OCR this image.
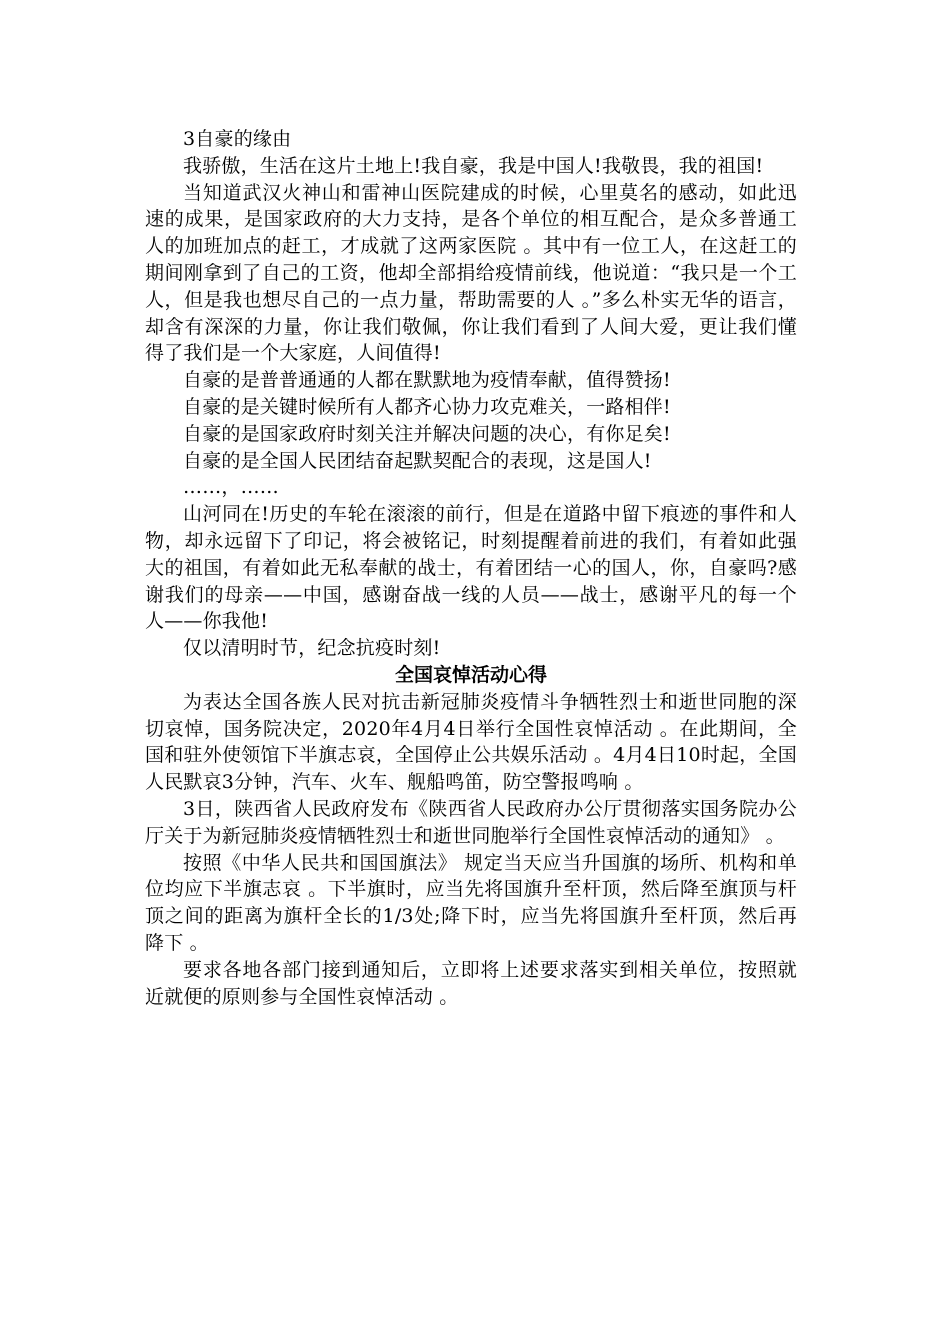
3自豪的缘由

我骄傲，生活在这片土地上!我自豪，我是中国人!我敬畏，我的祖国!

当知道武汉火神山和雷神山医院建成的时候，心里莫名的感动，如此迅速的成果，是国家政府的大力支持，是各个单位的相互配合，是众多普通工人的加班加点的赶工，才成就了这两家医院 。其中有一位工人，在这赶工的期间刚拿到了自己的工资，他却全部捐给疫情前线，他说道：“我只是一个工人，但是我也想尽自己的一点力量，帮助需要的人 。”多么朴实无华的语言，却含有深深的力量，你让我们敬佩，你让我们看到了人间大爱，更让我们懂得了我们是一个大家庭，人间值得!

自豪的是普普通通的人都在默默地为疫情奉献，值得赞扬!

自豪的是关键时候所有人都齐心协力攻克难关，一路相伴!

自豪的是国家政府时刻关注并解决问题的决心，有你足矣!

自豪的是全国人民团结奋起默契配合的表现，这是国人!

……，……

山河同在!历史的车轮在滚滚的前行，但是在道路中留下痕迹的事件和人物，却永远留下了印记，将会被铭记，时刻提醒着前进的我们，有着如此强大的祖国，有着如此无私奉献的战士，有着团结一心的国人，你，自豪吗?感谢我们的母亲——中国，感谢奋战一线的人员——战士，感谢平凡的每一个人——你我他!

仅以清明时节，纪念抗疫时刻!

全国哀悼活动心得

为表达全国各族人民对抗击新冠肺炎疫情斗争牺牲烈士和逝世同胞的深切哀悼，国务院决定，2020年4月4日举行全国性哀悼活动 。在此期间，全国和驻外使领馆下半旗志哀，全国停止公共娱乐活动 。4月4日10时起，全国人民默哀3分钟，汽车、火车、舰船鸣笛，防空警报鸣响 。

3日，陕西省人民政府发布《陕西省人民政府办公厅贯彻落实国务院办公厅关于为新冠肺炎疫情牺牲烈士和逝世同胞举行全国性哀悼活动的通知》 。

按照《中华人民共和国国旗法》 规定当天应当升国旗的场所、机构和单位均应下半旗志哀 。下半旗时，应当先将国旗升至杆顶，然后降至旗顶与杆顶之间的距离为旗杆全长的1/3处;降下时，应当先将国旗升至杆顶，然后再降下 。

要求各地各部门接到通知后，立即将上述要求落实到相关单位，按照就近就便的原则参与全国性哀悼活动 。
